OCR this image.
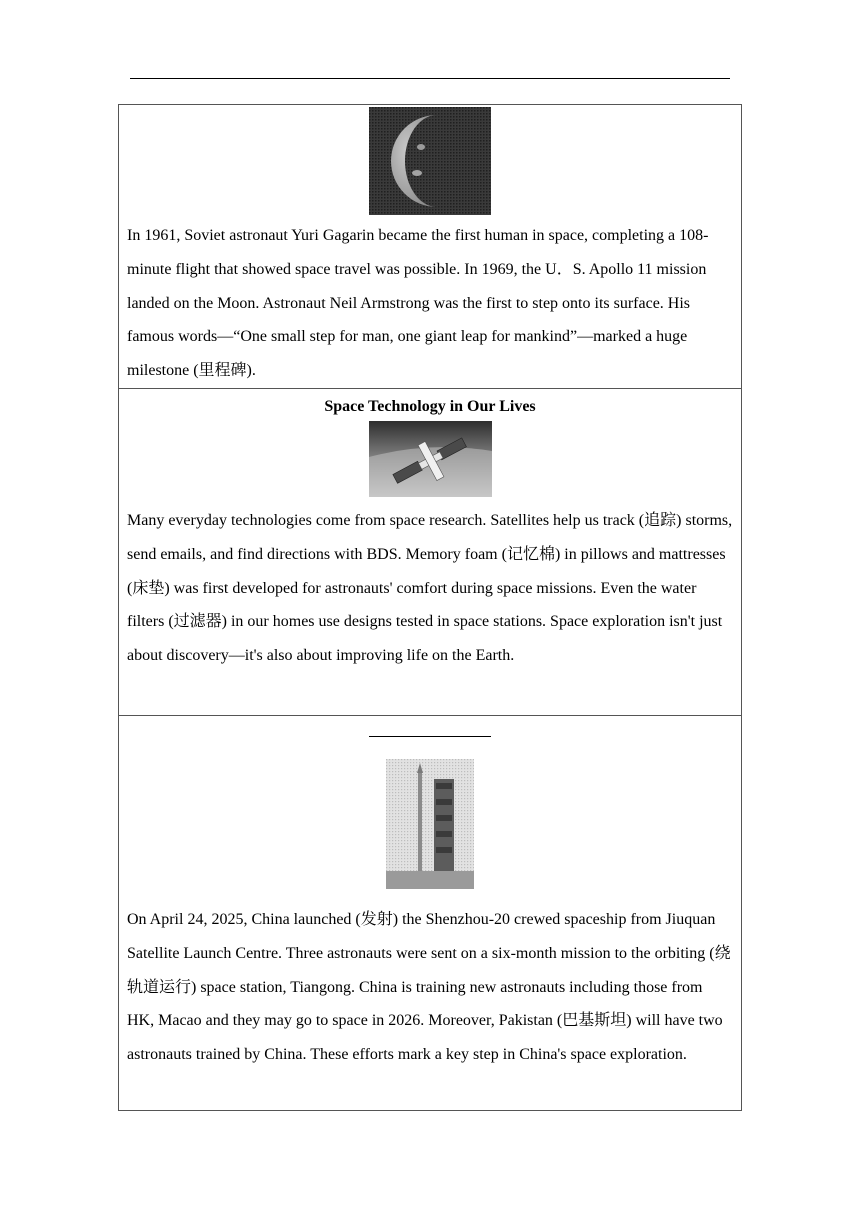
In 1961, Soviet astronaut Yuri Gagarin became the first human in space, completing a 108-minute flight that showed space travel was possible. In 1969, the U．S. Apollo 11 mission landed on the Moon. Astronaut Neil Armstrong was the first to step onto its surface. His famous words—“One small step for man, one giant leap for mankind”—marked a huge milestone (里程碑).

Space Technology in Our Lives

Many everyday technologies come from space research. Satellites help us track (追踪) storms, send emails, and find directions with BDS. Memory foam (记忆棉) in pillows and mattresses (床垫) was first developed for astronauts' comfort during space missions. Even the water filters (过滤器) in our homes use designs tested in space stations. Space exploration isn't just about discovery—it's also about improving life on the Earth.

On April 24, 2025, China launched (发射) the Shenzhou-20 crewed spaceship from Jiuquan Satellite Launch Centre. Three astronauts were sent on a six-month mission to the orbiting (绕轨道运行) space station, Tiangong. China is training new astronauts including those from HK, Macao and they may go to space in 2026. Moreover, Pakistan (巴基斯坦) will have two astronauts trained by China. These efforts mark a key step in China's space exploration.
